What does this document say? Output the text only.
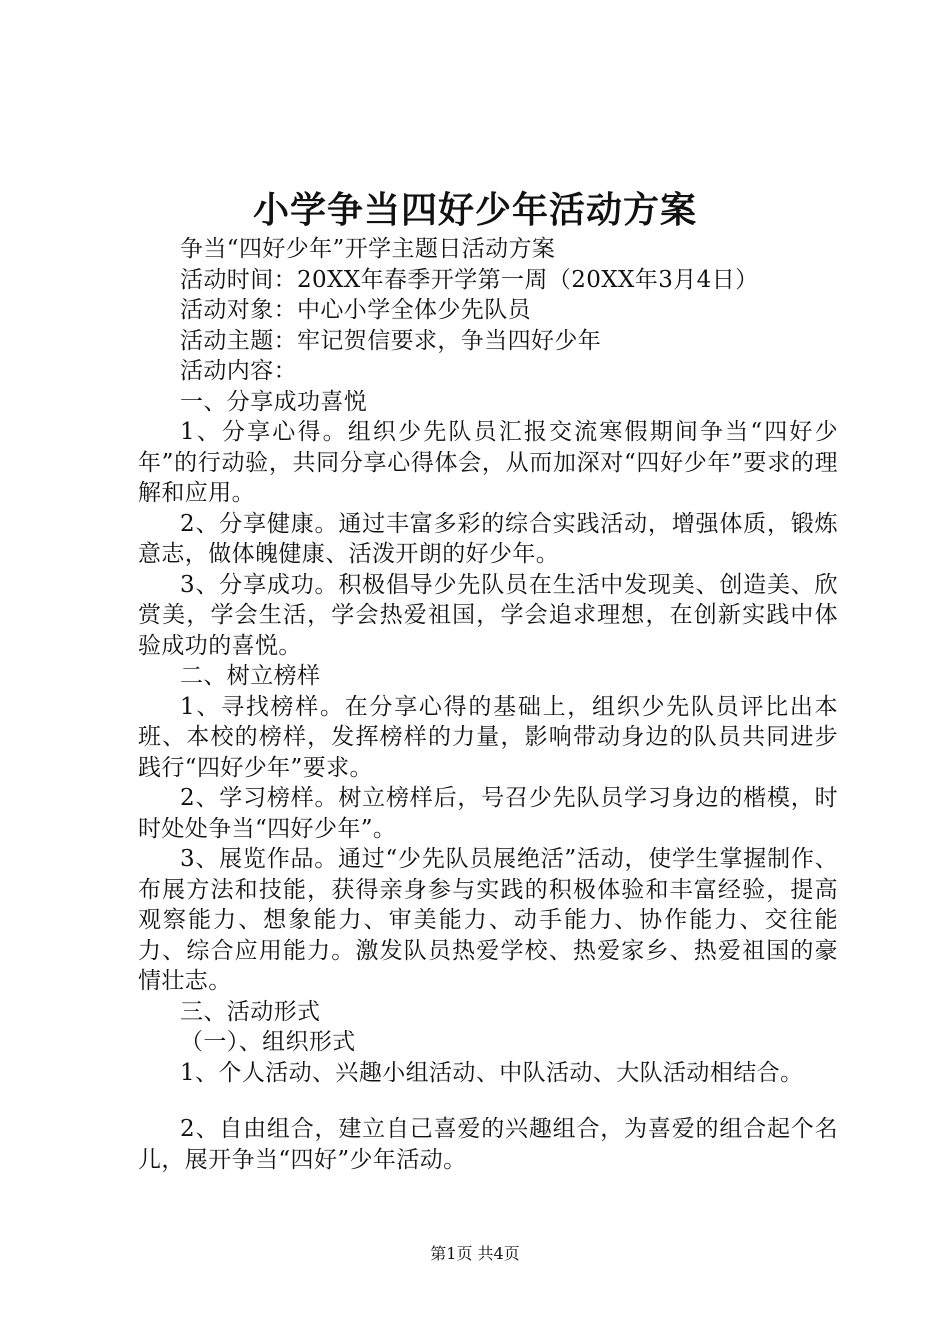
小学争当四好少年活动方案

争当“四好少年”开学主题日活动方案

活动时间：20XX年春季开学第一周（20XX年3月4日）

活动对象：中心小学全体少先队员

活动主题：牢记贺信要求，争当四好少年

活动内容：

一、分享成功喜悦

1、分享心得。组织少先队员汇报交流寒假期间争当“四好少年”的行动验，共同分享心得体会，从而加深对“四好少年”要求的理解和应用。

2、分享健康。通过丰富多彩的综合实践活动，增强体质，锻炼意志，做体魄健康、活泼开朗的好少年。

3、分享成功。积极倡导少先队员在生活中发现美、创造美、欣赏美，学会生活，学会热爱祖国，学会追求理想，在创新实践中体验成功的喜悦。

二、树立榜样

1、寻找榜样。在分享心得的基础上，组织少先队员评比出本班、本校的榜样，发挥榜样的力量，影响带动身边的队员共同进步践行“四好少年”要求。

2、学习榜样。树立榜样后，号召少先队员学习身边的楷模，时时处处争当“四好少年”。

3、展览作品。通过“少先队员展绝活”活动，使学生掌握制作、布展方法和技能，获得亲身参与实践的积极体验和丰富经验，提高观察能力、想象能力、审美能力、动手能力、协作能力、交往能力、综合应用能力。激发队员热爱学校、热爱家乡、热爱祖国的豪情壮志。

三、活动形式

（一）、组织形式

1、个人活动、兴趣小组活动、中队活动、大队活动相结合。

2、自由组合，建立自己喜爱的兴趣组合，为喜爱的组合起个名儿，展开争当“四好”少年活动。

第1页 共4页
